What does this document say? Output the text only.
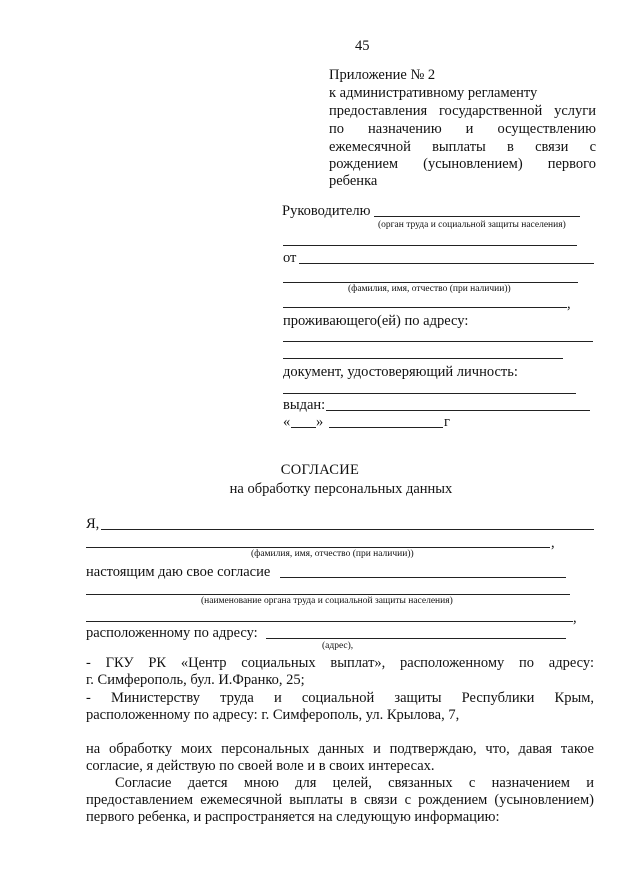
45
Приложение № 2
к административному регламенту
предоставления государственной услуги
по назначению и осуществлению
ежемесячной выплаты в связи с
рождением (усыновлением) первого
ребенка
Руководителю
(орган труда и социальной защиты населения)
от
(фамилия, имя, отчество (при наличии))
,
проживающего(ей) по адресу:
документ, удостоверяющий личность:
выдан:
« »	г
СОГЛАСИЕ
на обработку персональных данных
Я,
,
(фамилия, имя, отчество (при наличии))
настоящим даю свое согласие
(наименование органа труда и социальной защиты населения)
,
расположенному по адресу:
(адрес),
- ГКУ РК «Центр социальных выплат», расположенному по адресу:
г. Симферополь, бул. И.Франко, 25;
- Министерству труда и социальной защиты Республики Крым,
расположенному по адресу: г. Симферополь, ул. Крылова, 7,
на обработку моих персональных данных и подтверждаю, что, давая такое
согласие, я действую по своей воле и в своих интересах.
Согласие дается мною для целей, связанных с назначением и
предоставлением ежемесячной выплаты в связи с рождением (усыновлением)
первого ребенка, и распространяется на следующую информацию:
